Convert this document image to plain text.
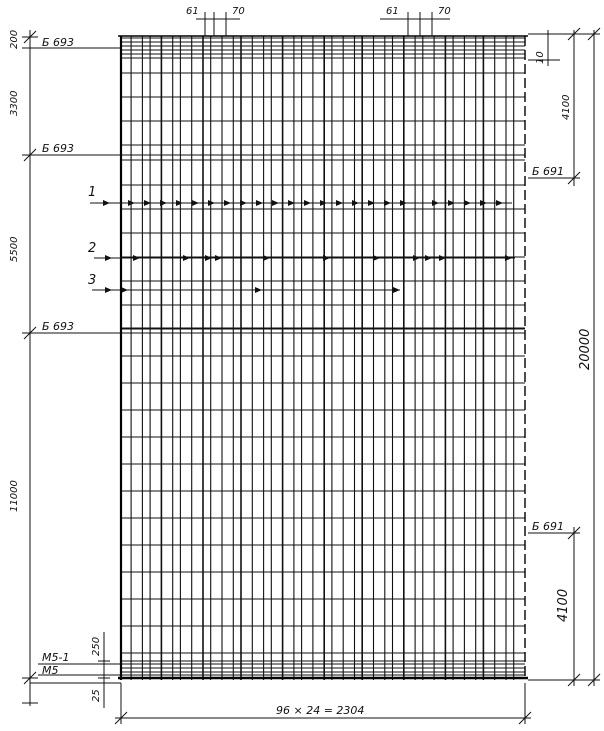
200
3300
5500
11000
250
25
Б 693
Б 693
Б 693
М5-1
М5
Б 691
Б 691
10
4100
20000
4100
61	70	61	70
96 × 24 = 2304
1
2
3
